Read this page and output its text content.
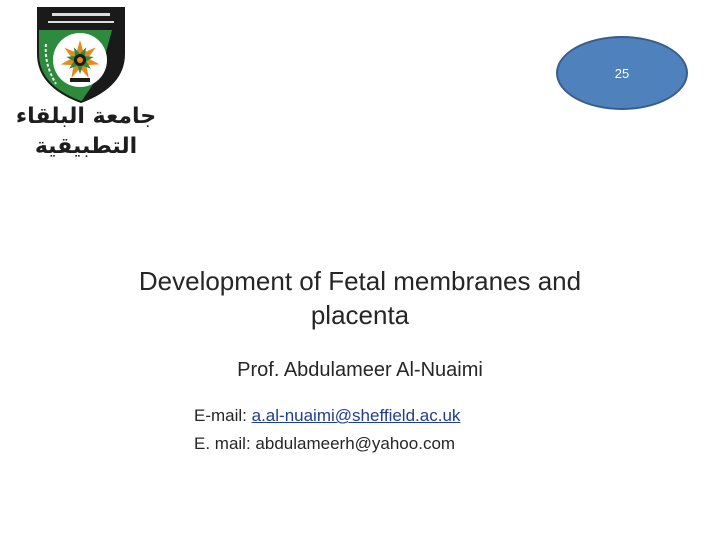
جامعة البلقاء التطبيقية
25
Development of Fetal membranes and
placenta
Prof. Abdulameer Al-Nuaimi
E-mail: a.al-nuaimi@sheffield.ac.uk
E. mail: abdulameerh@yahoo.com
